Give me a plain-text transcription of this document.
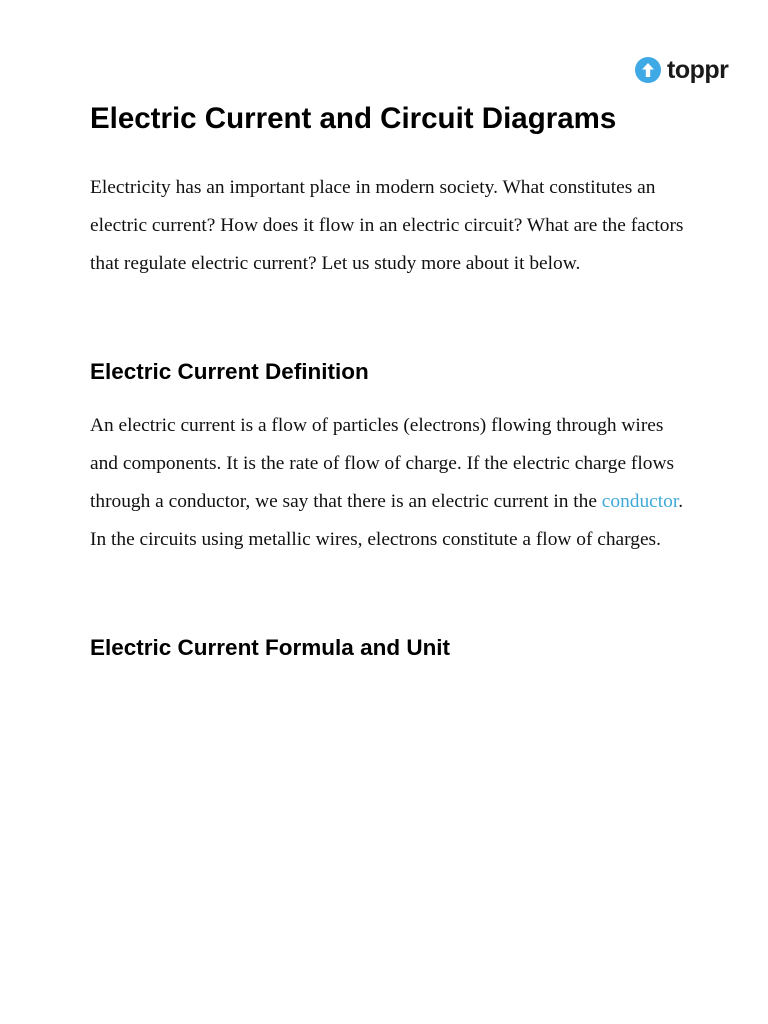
toppr
Electric Current and Circuit Diagrams

Electricity has an important place in modern society. What constitutes an electric current? How does it flow in an electric circuit? What are the factors that regulate electric current? Let us study more about it below.

Electric Current Definition

An electric current is a flow of particles (electrons) flowing through wires and components. It is the rate of flow of charge. If the electric charge flows through a conductor, we say that there is an electric current in the conductor. In the circuits using metallic wires, electrons constitute a flow of charges.

Electric Current Formula and Unit
